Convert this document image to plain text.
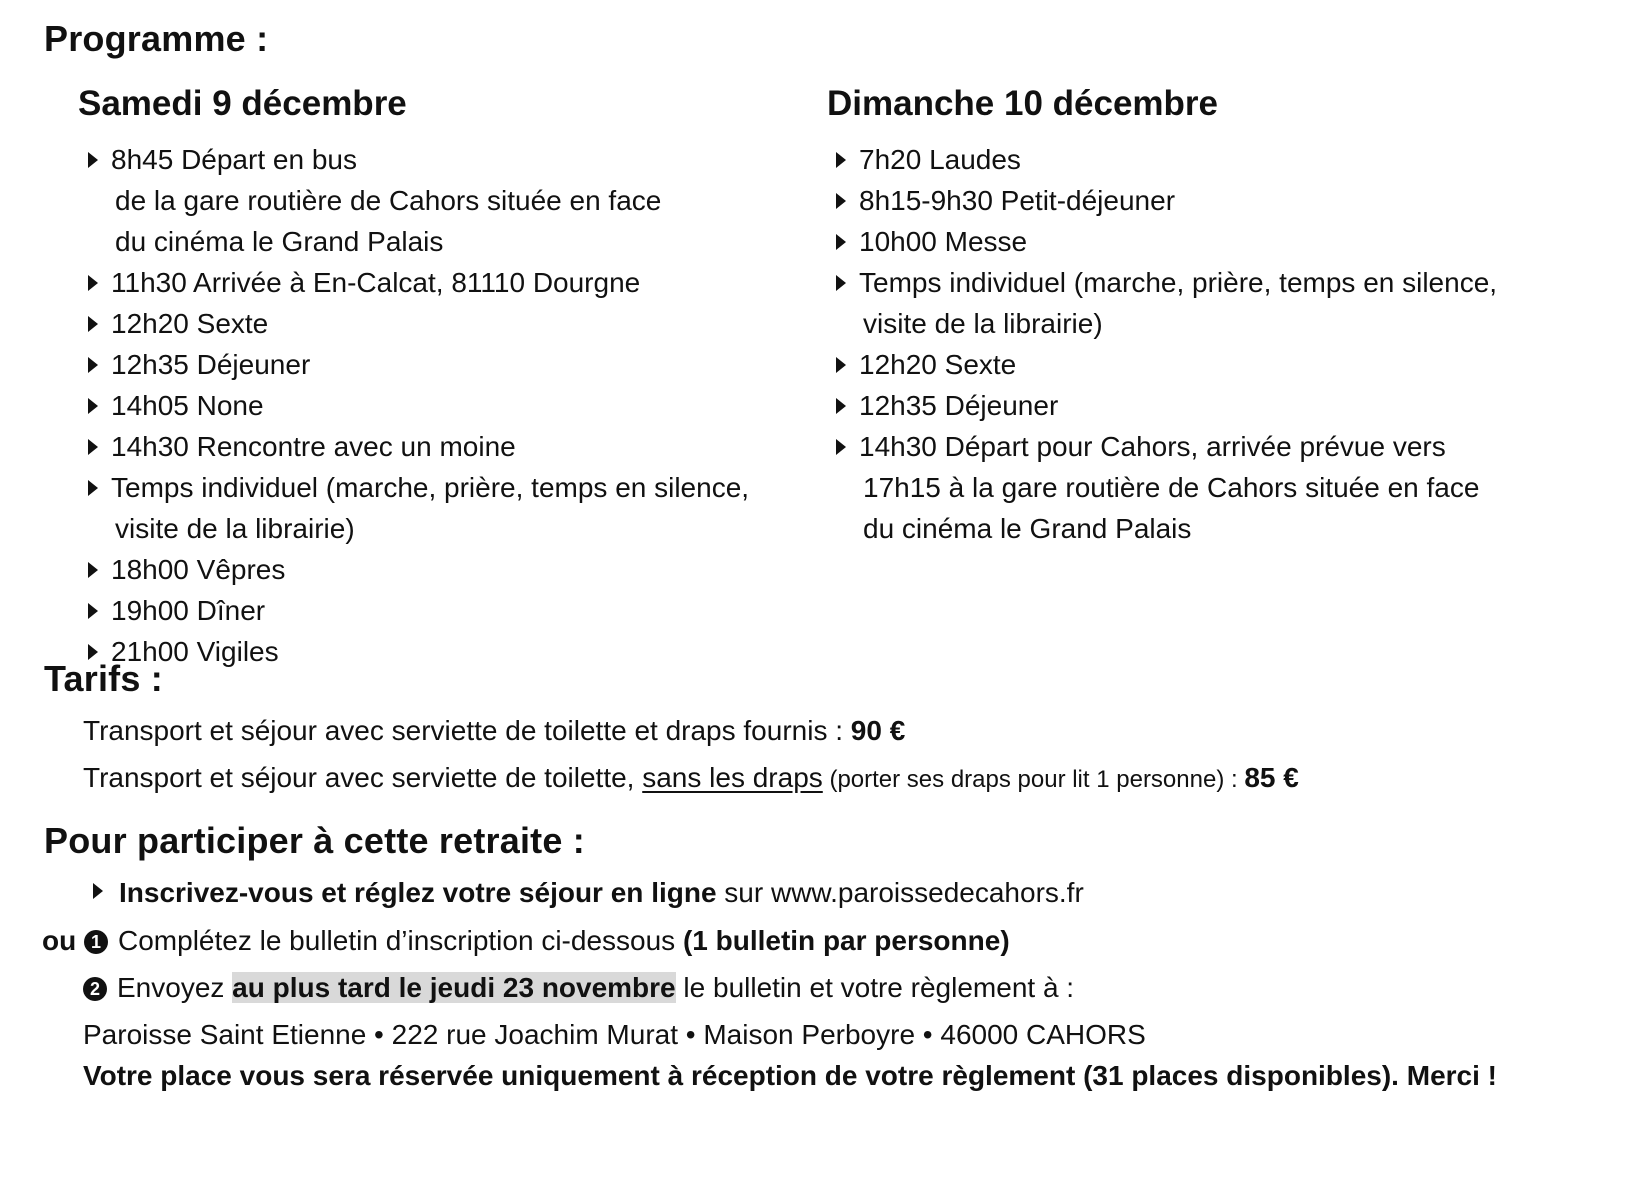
Programme :
Samedi 9 décembre	Dimanche 10 décembre
8h45 Départ en bus
de la gare routière de Cahors située en face
du cinéma le Grand Palais
11h30 Arrivée à En-Calcat, 81110 Dourgne
12h20 Sexte
12h35 Déjeuner
14h05 None
14h30 Rencontre avec un moine
Temps individuel (marche, prière, temps en silence,
visite de la librairie)
18h00 Vêpres
19h00 Dîner
21h00 Vigiles
7h20 Laudes
8h15-9h30 Petit-déjeuner
10h00 Messe
Temps individuel (marche, prière, temps en silence,
visite de la librairie)
12h20 Sexte
12h35 Déjeuner
14h30 Départ pour Cahors, arrivée prévue vers
17h15 à la gare routière de Cahors située en face
du cinéma le Grand Palais
Tarifs :
Transport et séjour avec serviette de toilette et draps fournis : 90 €
Transport et séjour avec serviette de toilette, sans les draps (porter ses draps pour lit 1 personne) : 85 €
Pour participer à cette retraite :
Inscrivez-vous et réglez votre séjour en ligne sur www.paroissedecahors.fr
ou 1 Complétez le bulletin d’inscription ci-dessous (1 bulletin par personne)
2 Envoyez au plus tard le jeudi 23 novembre le bulletin et votre règlement à :
Paroisse Saint Etienne • 222 rue Joachim Murat • Maison Perboyre • 46000 CAHORS
Votre place vous sera réservée uniquement à réception de votre règlement (31 places disponibles). Merci !
